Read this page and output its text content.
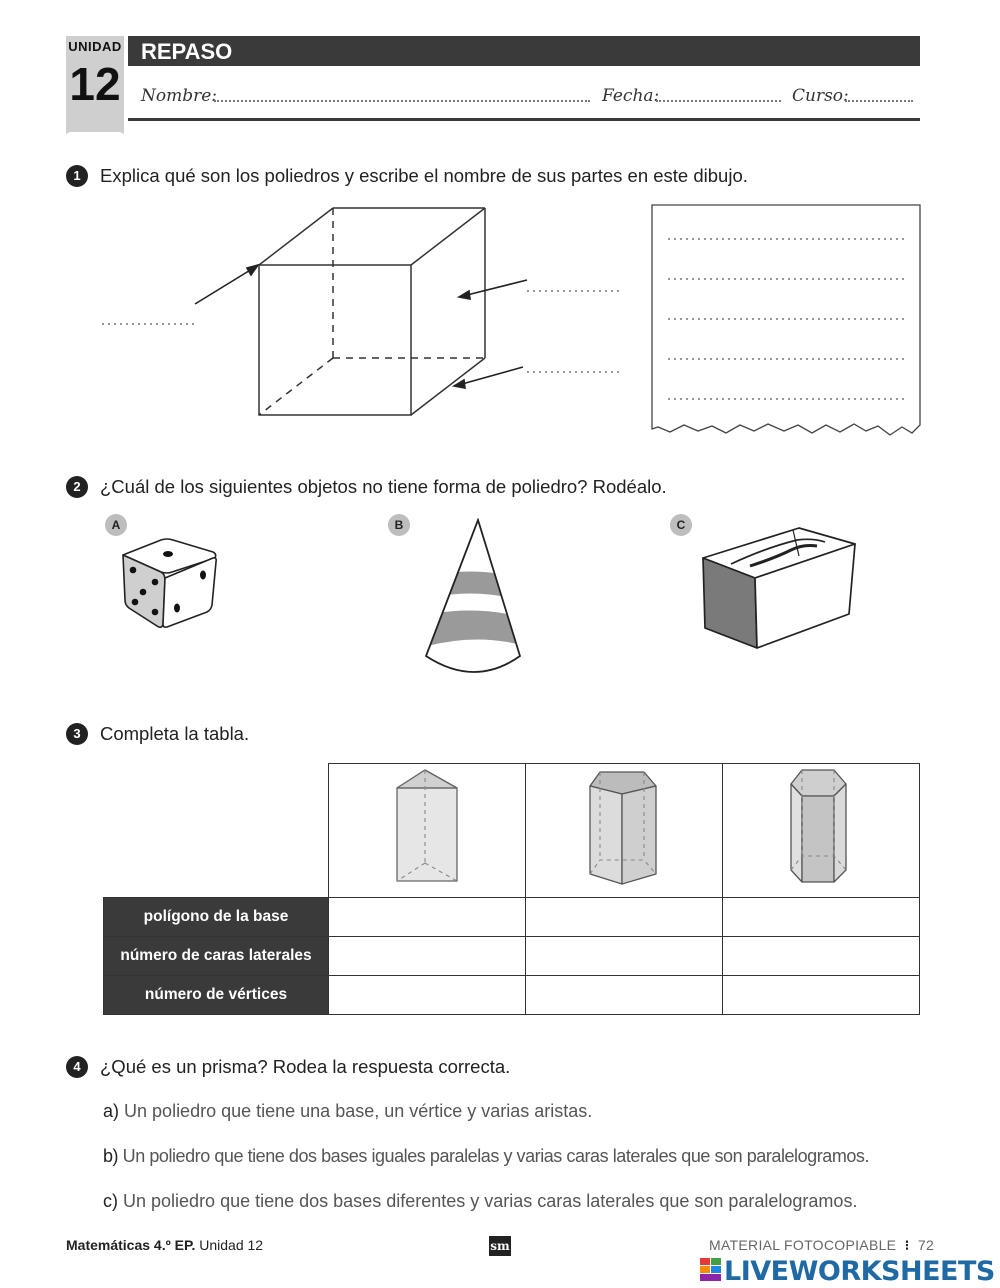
UNIDAD
12
REPASO
Nombre:	Fecha:	Curso:
1	Explica qué son los poliedros y escribe el nombre de sus partes en este dibujo.
2	¿Cuál de los siguientes objetos no tiene forma de poliedro? Rodéalo.
A	B	C
3	Completa la tabla.

polígono de la base			
número de caras laterales			
número de vértices			
4	¿Qué es un prisma? Rodea la respuesta correcta.
a) Un poliedro que tiene una base, un vértice y varias aristas.
b) Un poliedro que tiene dos bases iguales paralelas y varias caras laterales que son paralelogramos.
c) Un poliedro que tiene dos bases diferentes y varias caras laterales que son paralelogramos.
Matemáticas 4.º EP. Unidad 12	sm	MATERIAL FOTOCOPIABLE  ⁝  72
LIVEWORKSHEETS
